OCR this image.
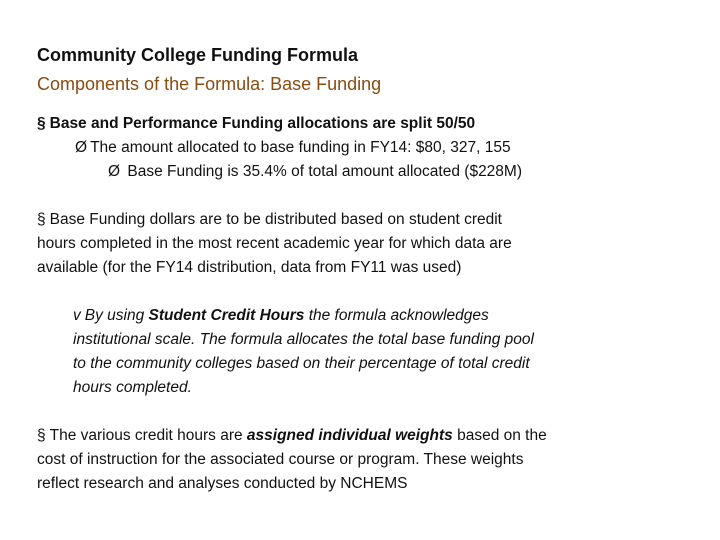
Community College Funding Formula
Components of the Formula: Base Funding
§ Base and Performance Funding allocations are split 50/50
Ø The amount allocated to base funding in FY14: $80, 327, 155
Ø Base Funding is 35.4% of total amount allocated ($228M)
§ Base Funding dollars are to be distributed based on student credit
hours completed in the most recent academic year for which data are
available (for the FY14 distribution, data from FY11 was used)
v By using Student Credit Hours the formula acknowledges
institutional scale. The formula allocates the total base funding pool
to the community colleges based on their percentage of total credit
hours completed.
§ The various credit hours are assigned individual weights based on the
cost of instruction for the associated course or program. These weights
reflect research and analyses conducted by NCHEMS
